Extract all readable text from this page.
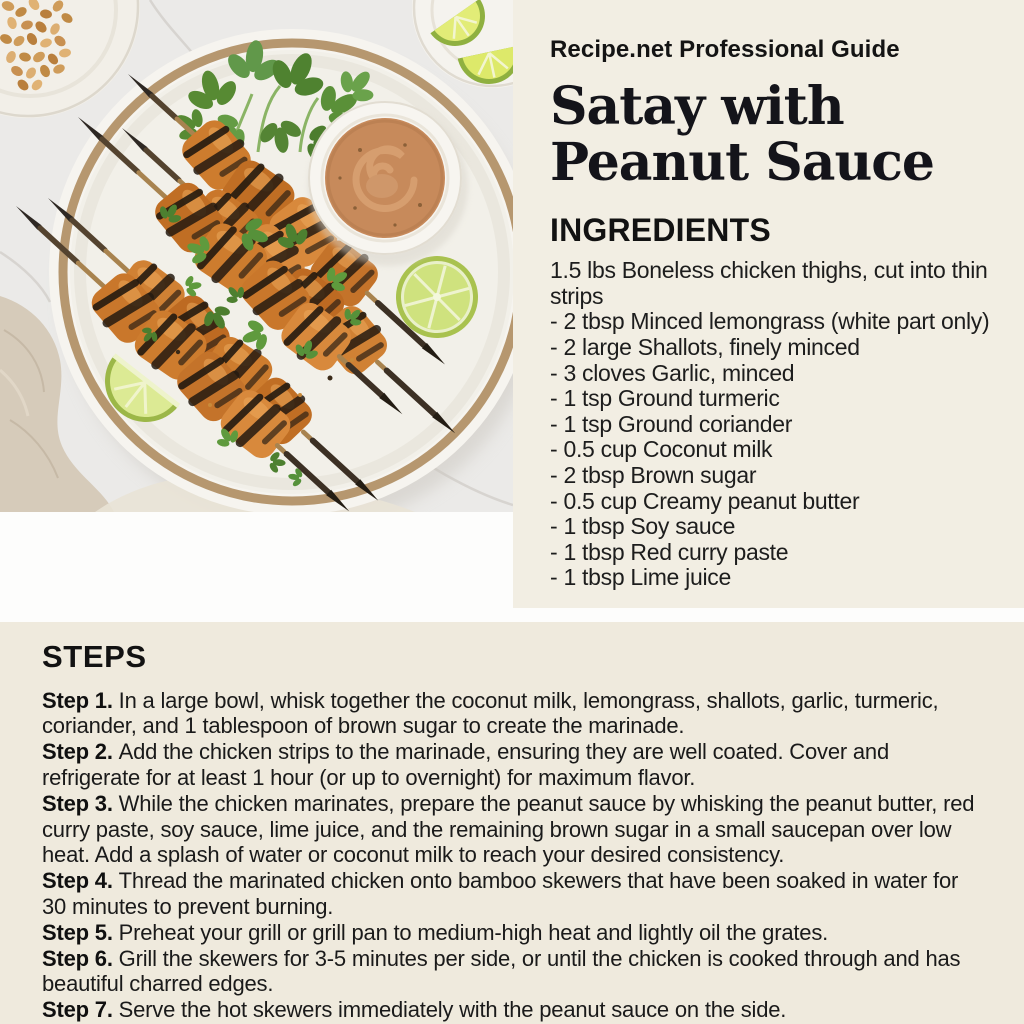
Recipe.net Professional Guide

Satay with Peanut Sauce
INGREDIENTS
1.5 lbs Boneless chicken thighs, cut into thin strips
- 2 tbsp Minced lemongrass (white part only)
- 2 large Shallots, finely minced
- 3 cloves Garlic, minced
- 1 tsp Ground turmeric
- 1 tsp Ground coriander
- 0.5 cup Coconut milk
- 2 tbsp Brown sugar
- 0.5 cup Creamy peanut butter
- 1 tbsp Soy sauce
- 1 tbsp Red curry paste
- 1 tbsp Lime juice
STEPS

Step 1. In a large bowl, whisk together the coconut milk, lemongrass, shallots, garlic, turmeric, coriander, and 1 tablespoon of brown sugar to create the marinade.

Step 2. Add the chicken strips to the marinade, ensuring they are well coated. Cover and refrigerate for at least 1 hour (or up to overnight) for maximum flavor.

Step 3. While the chicken marinates, prepare the peanut sauce by whisking the peanut butter, red curry paste, soy sauce, lime juice, and the remaining brown sugar in a small saucepan over low heat. Add a splash of water or coconut milk to reach your desired consistency.

Step 4. Thread the marinated chicken onto bamboo skewers that have been soaked in water for 30 minutes to prevent burning.

Step 5. Preheat your grill or grill pan to medium-high heat and lightly oil the grates.

Step 6. Grill the skewers for 3-5 minutes per side, or until the chicken is cooked through and has beautiful charred edges.

Step 7. Serve the hot skewers immediately with the peanut sauce on the side.
